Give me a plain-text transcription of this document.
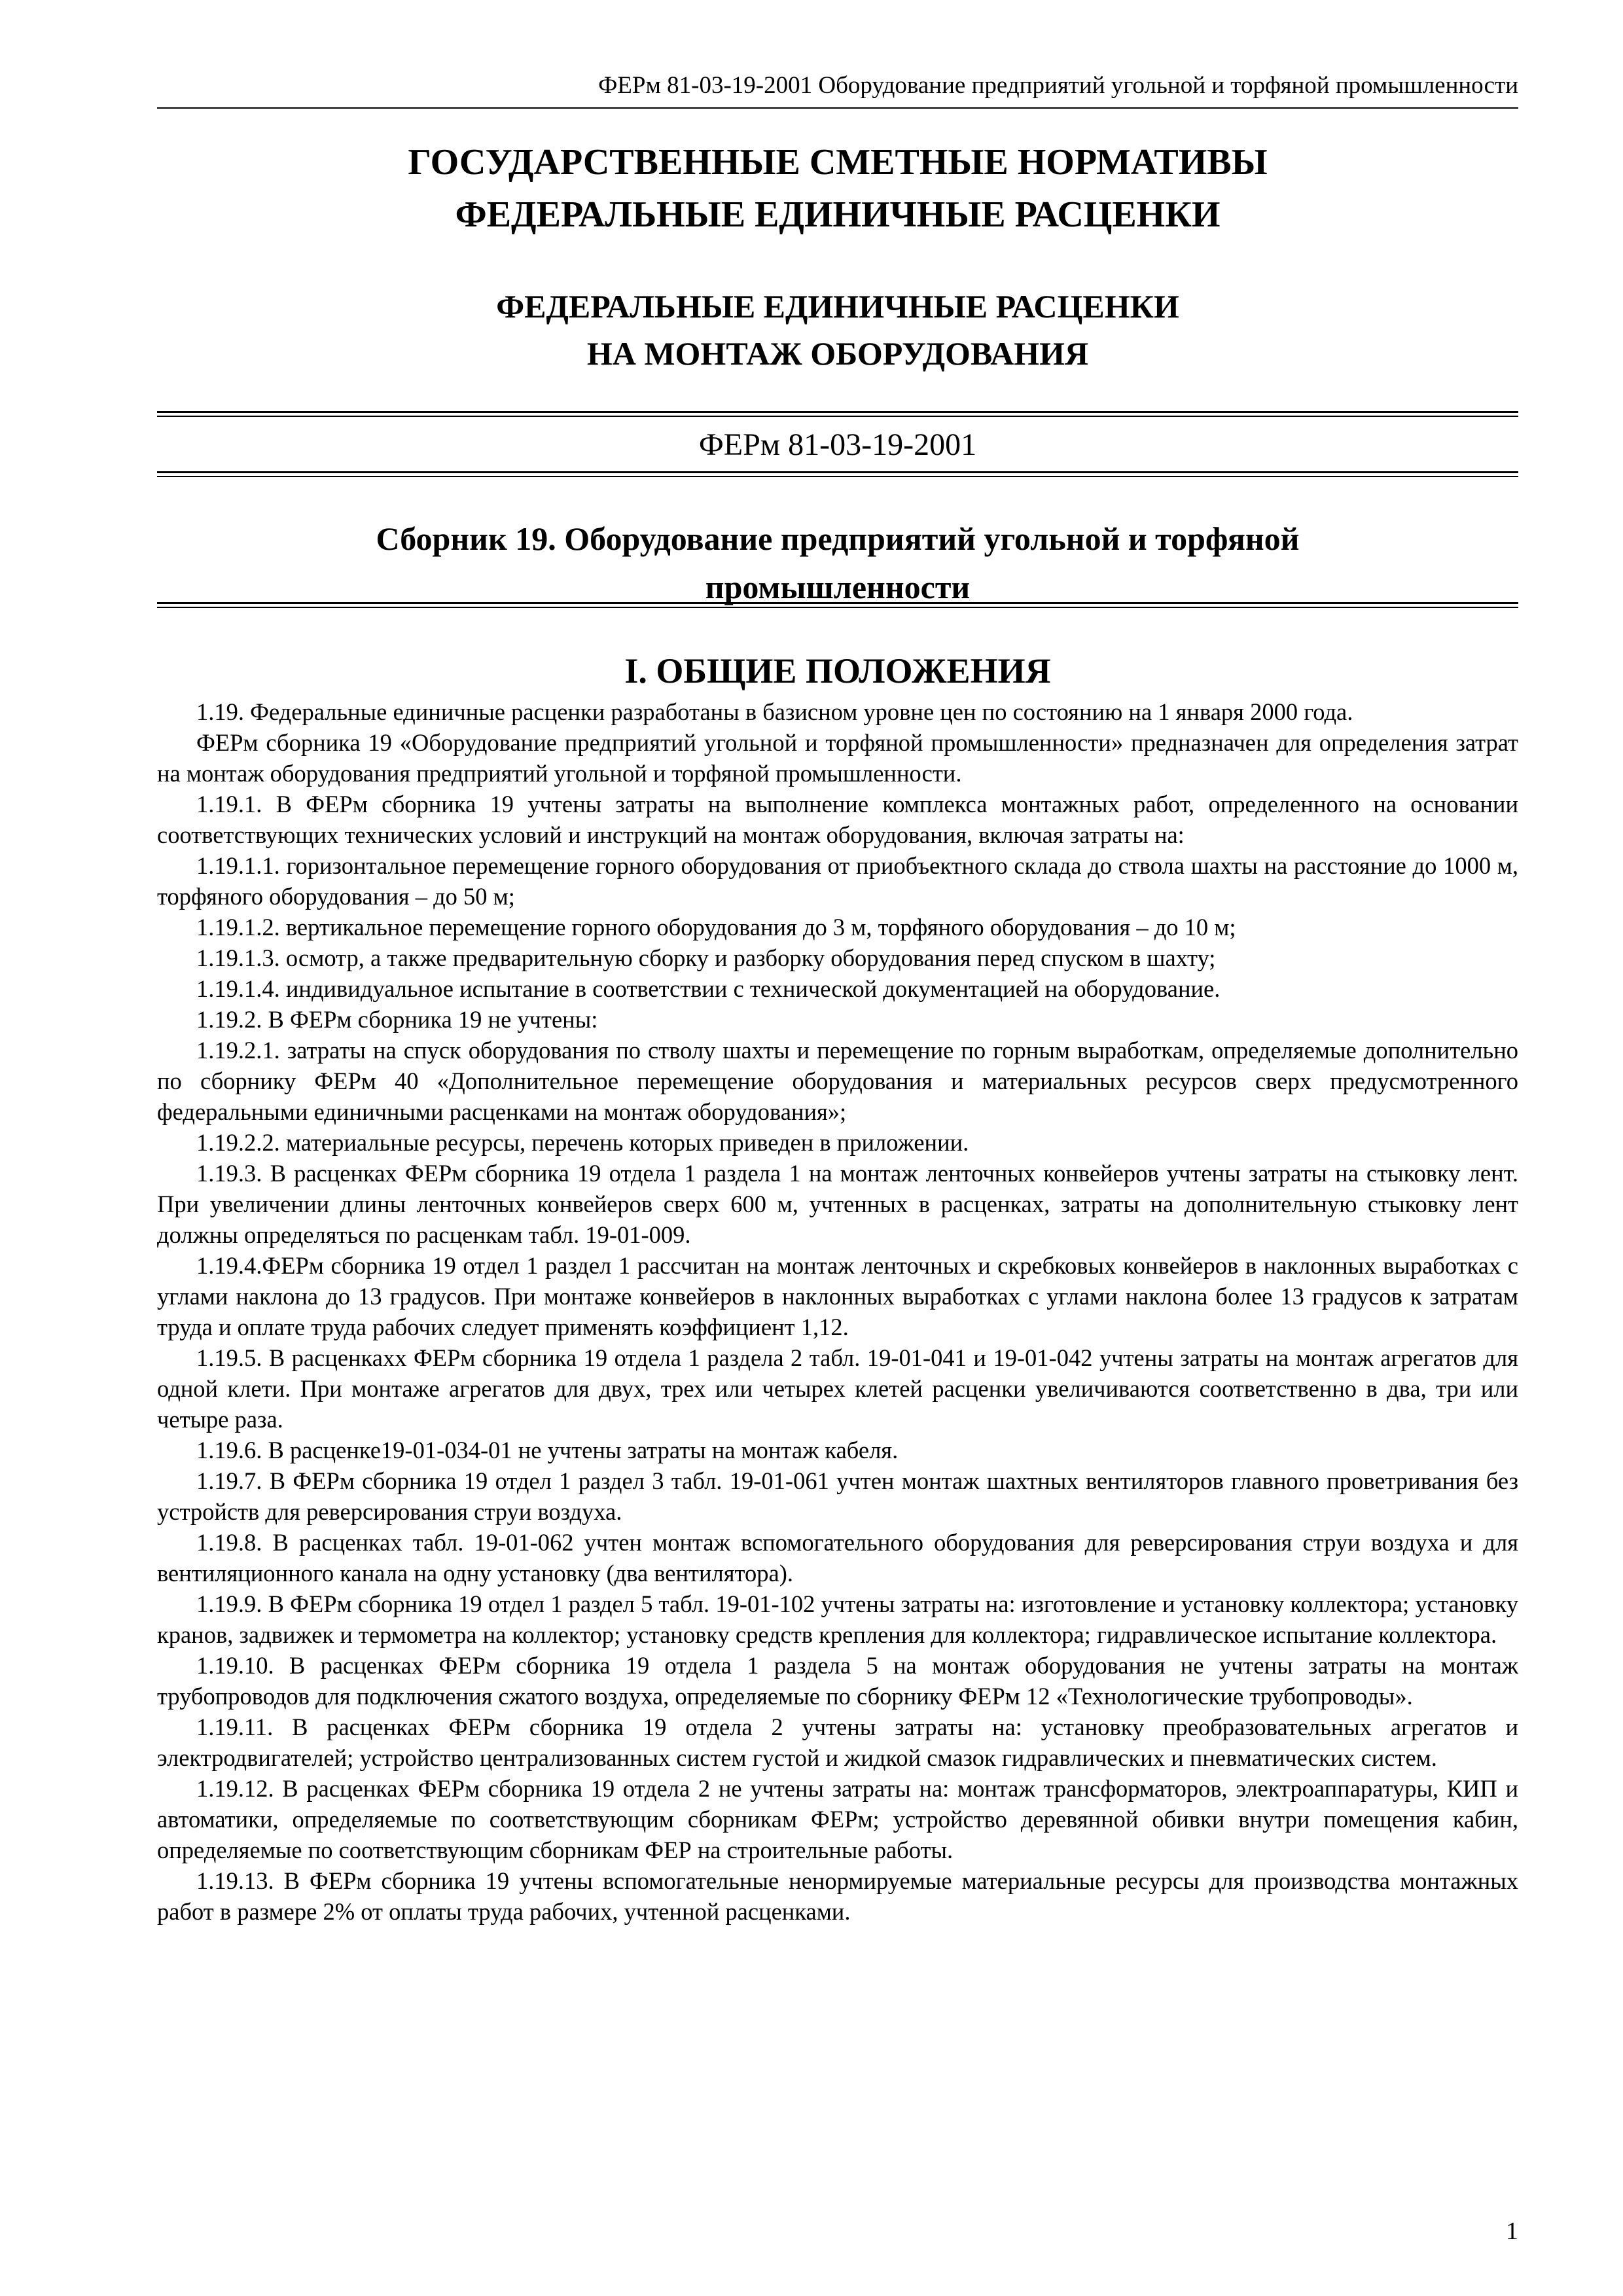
ФЕРм 81-03-19-2001 Оборудование предприятий угольной и торфяной промышленности

ГОСУДАРСТВЕННЫЕ СМЕТНЫЕ НОРМАТИВЫ

ФЕДЕРАЛЬНЫЕ ЕДИНИЧНЫЕ РАСЦЕНКИ

ФЕДЕРАЛЬНЫЕ ЕДИНИЧНЫЕ РАСЦЕНКИ

НА МОНТАЖ ОБОРУДОВАНИЯ

ФЕРм 81-03-19-2001
Сборник 19. Оборудование предприятий угольной и торфяной
промышленности
I. ОБЩИЕ ПОЛОЖЕНИЯ

1.19. Федеральные единичные расценки разработаны в базисном уровне цен по состоянию на 1 января 2000 года.

ФЕРм сборника 19 «Оборудование предприятий угольной и торфяной промышленности» предназначен для определения затрат на монтаж оборудования предприятий угольной и торфяной промышленности.

1.19.1. В ФЕРм сборника 19 учтены затраты на выполнение комплекса монтажных работ, определенного на основании соответствующих технических условий и инструкций на монтаж оборудования, включая затраты на:

1.19.1.1. горизонтальное перемещение горного оборудования от приобъектного склада до ствола шахты на расстояние до 1000 м, торфяного оборудования – до 50 м;

1.19.1.2. вертикальное перемещение горного оборудования до 3 м, торфяного оборудования – до 10 м;

1.19.1.3. осмотр, а также предварительную сборку и разборку оборудования перед спуском в шахту;

1.19.1.4. индивидуальное испытание в соответствии с технической документацией на оборудование.

1.19.2. В ФЕРм сборника 19 не учтены:

1.19.2.1. затраты на спуск оборудования по стволу шахты и перемещение по горным выработкам, определяемые дополнительно по сборнику ФЕРм 40 «Дополнительное перемещение оборудования и материальных ресурсов сверх предусмотренного федеральными единичными расценками на монтаж оборудования»;

1.19.2.2. материальные ресурсы, перечень которых приведен в приложении.

1.19.3. В расценках ФЕРм сборника 19 отдела 1 раздела 1 на монтаж ленточных конвейеров учтены затраты на стыковку лент. При увеличении длины ленточных конвейеров сверх 600 м, учтенных в расценках, затраты на дополнительную стыковку лент должны определяться по расценкам табл. 19-01-009.

1.19.4.ФЕРм сборника 19 отдел 1 раздел 1 рассчитан на монтаж ленточных и скребковых конвейеров в наклонных выработках с углами наклона до 13 градусов. При монтаже конвейеров в наклонных выработках с углами наклона более 13 градусов к затратам труда и оплате труда рабочих следует применять коэффициент 1,12.

1.19.5. В расценкахх ФЕРм сборника 19 отдела 1 раздела 2 табл. 19-01-041 и 19-01-042 учтены затраты на монтаж агрегатов для одной клети. При монтаже агрегатов для двух, трех или четырех клетей расценки увеличиваются соответственно в два, три или четыре раза.

1.19.6. В расценке19-01-034-01 не учтены затраты на монтаж кабеля.

1.19.7. В ФЕРм сборника 19 отдел 1 раздел 3 табл. 19-01-061 учтен монтаж шахтных вентиляторов главного проветривания без устройств для реверсирования струи воздуха.

1.19.8. В расценках табл. 19-01-062 учтен монтаж вспомогательного оборудования для реверсирования струи воздуха и для вентиляционного канала на одну установку (два вентилятора).

1.19.9. В ФЕРм сборника 19 отдел 1 раздел 5 табл. 19-01-102 учтены затраты на: изготовление и установку коллектора; установку кранов, задвижек и термометра на коллектор; установку средств крепления для коллектора; гидравлическое испытание коллектора.

1.19.10. В расценках ФЕРм сборника 19 отдела 1 раздела 5 на монтаж оборудования не учтены затраты на монтаж трубопроводов для подключения сжатого воздуха, определяемые по сборнику ФЕРм 12 «Технологические трубопроводы».

1.19.11. В расценках ФЕРм сборника 19 отдела 2 учтены затраты на: установку преобразовательных агрегатов и электродвигателей; устройство централизованных систем густой и жидкой смазок гидравлических и пневматических систем.

1.19.12. В расценках ФЕРм сборника 19 отдела 2 не учтены затраты на: монтаж трансформаторов, электроаппаратуры, КИП и автоматики, определяемые по соответствующим сборникам ФЕРм; устройство деревянной обивки внутри помещения кабин, определяемые по соответствующим сборникам ФЕР на строительные работы.

1.19.13. В ФЕРм сборника 19 учтены вспомогательные ненормируемые материальные ресурсы для производства монтажных работ в размере 2% от оплаты труда рабочих, учтенной расценками.

1
